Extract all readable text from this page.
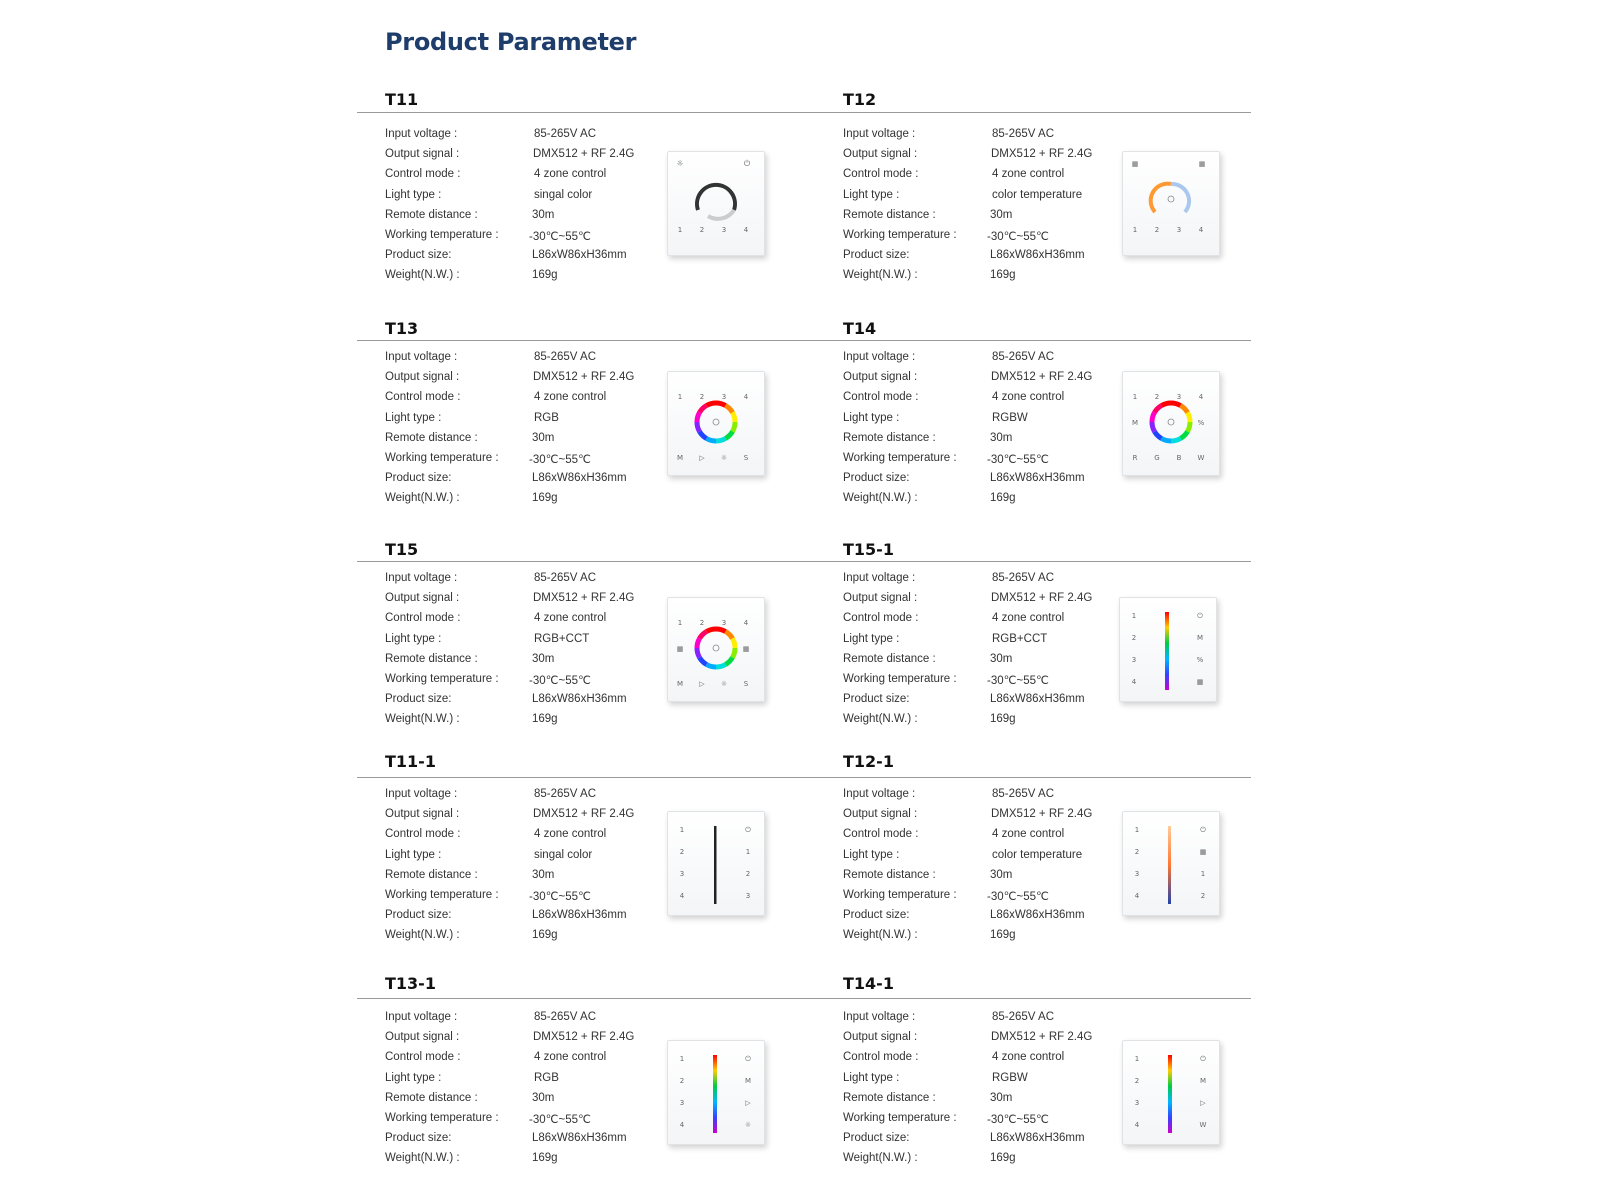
Product Parameter
T11
Input voltage :	85-265V AC
Output signal :	DMX512 + RF 2.4G
Control mode :	4 zone control
Light type :	singal color
Remote distance :	30m
Working temperature :	-30℃~55℃
Product size:	L86xW86xH36mm
Weight(N.W.) :	169g
☼	⏻
1	2	3	4
T12
Input voltage :	85-265V AC
Output signal :	DMX512 + RF 2.4G
Control mode :	4 zone control
Light type :	color temperature
Remote distance :	30m
Working temperature :	-30℃~55℃
Product size:	L86xW86xH36mm
Weight(N.W.) :	169g
▦	▦
1	2	3	4
T13
Input voltage :	85-265V AC
Output signal :	DMX512 + RF 2.4G
Control mode :	4 zone control
Light type :	RGB
Remote distance :	30m
Working temperature :	-30℃~55℃
Product size:	L86xW86xH36mm
Weight(N.W.) :	169g
1	2	3	4
M ▷ ☼ S
T14
Input voltage :	85-265V AC
Output signal :	DMX512 + RF 2.4G
Control mode :	4 zone control
Light type :	RGBW
Remote distance :	30m
Working temperature :	-30℃~55℃
Product size:	L86xW86xH36mm
Weight(N.W.) :	169g
1	2	3	4
M	%
R G B W
T15
Input voltage :	85-265V AC
Output signal :	DMX512 + RF 2.4G
Control mode :	4 zone control
Light type :	RGB+CCT
Remote distance :	30m
Working temperature :	-30℃~55℃
Product size:	L86xW86xH36mm
Weight(N.W.) :	169g
1	2	3	4
▦	▦
M ▷ ☼ S
T15-1
Input voltage :	85-265V AC
Output signal :	DMX512 + RF 2.4G
Control mode :	4 zone control
Light type :	RGB+CCT
Remote distance :	30m
Working temperature :	-30℃~55℃
Product size:	L86xW86xH36mm
Weight(N.W.) :	169g
1
2
3
4
⏻
M
%
▦
T11-1
Input voltage :	85-265V AC
Output signal :	DMX512 + RF 2.4G
Control mode :	4 zone control
Light type :	singal color
Remote distance :	30m
Working temperature :	-30℃~55℃
Product size:	L86xW86xH36mm
Weight(N.W.) :	169g
1
2
3
4
⏻
1
2
3
T12-1
Input voltage :	85-265V AC
Output signal :	DMX512 + RF 2.4G
Control mode :	4 zone control
Light type :	color temperature
Remote distance :	30m
Working temperature :	-30℃~55℃
Product size:	L86xW86xH36mm
Weight(N.W.) :	169g
1
2
3
4
⏻
▦
1
2
T13-1
Input voltage :	85-265V AC
Output signal :	DMX512 + RF 2.4G
Control mode :	4 zone control
Light type :	RGB
Remote distance :	30m
Working temperature :	-30℃~55℃
Product size:	L86xW86xH36mm
Weight(N.W.) :	169g
1
2
3
4
⏻
M
▷
☼
T14-1
Input voltage :	85-265V AC
Output signal :	DMX512 + RF 2.4G
Control mode :	4 zone control
Light type :	RGBW
Remote distance :	30m
Working temperature :	-30℃~55℃
Product size:	L86xW86xH36mm
Weight(N.W.) :	169g
1
2
3
4
⏻
M
▷
W
